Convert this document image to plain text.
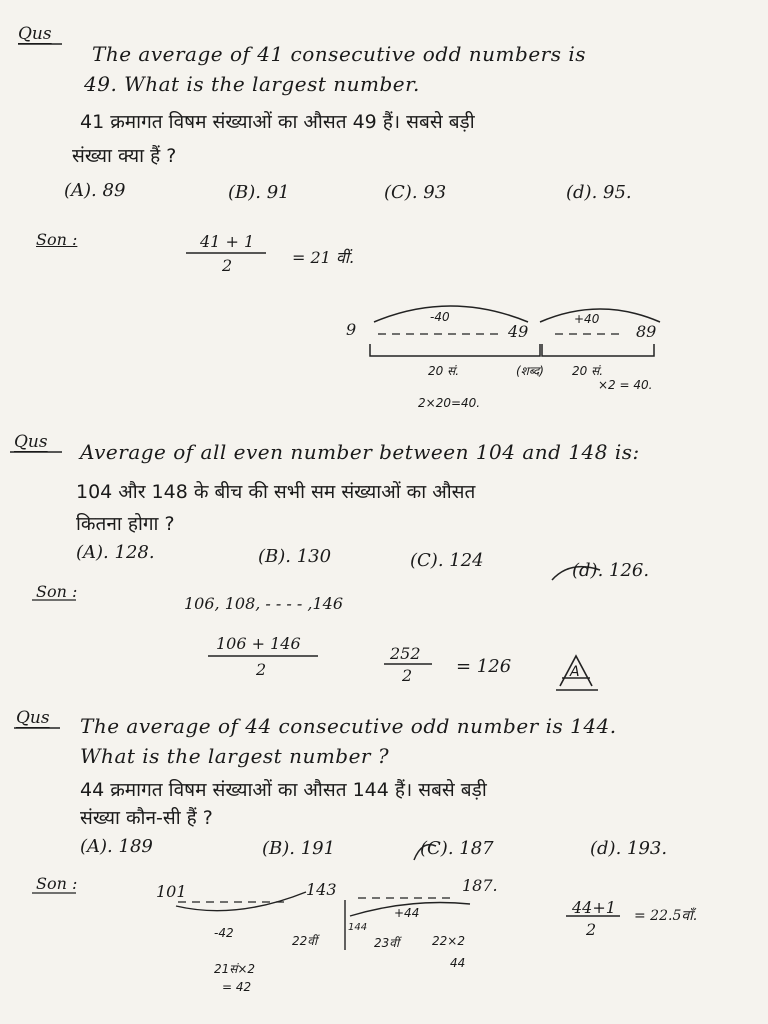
Qus
The average of 41 consecutive odd numbers is
49. What is the largest number.
41 क्रमागत विषम संख्याओं का औसत 49 हैं। सबसे बड़ी
संख्या क्या हैं ?
(A). 89	(B). 91	(C). 93	(d). 95.
Son :	41 + 1
2	= 21 वीं.
9	49	89
-40	+40
20 सं.	(शब्द) 20 सं.
×2 = 40.
2×20=40.
Qus Average of all even number between 104 and 148 is:
104 और 148 के बीच की सभी सम संख्याओं का औसत
कितना होगा ?
(A). 128.	(B). 130	(C). 124	(d). 126.
Son :
106, 108, - - - - ,146
106 + 146
2
252
2 = 126	A
Qus The average of 44 consecutive odd number is 144.
What is the largest number ?
44 क्रमागत विषम संख्याओं का औसत 144 हैं। सबसे बड़ी
संख्या कौन-सी हैं ?
(A). 189	(B). 191	(C). 187	(d). 193.
Son :	101	143	187.
-42
+44
22वीं
144
23वीं	22×2
44
21सं×2
= 42
44+1
2
= 22.5वाँ.
